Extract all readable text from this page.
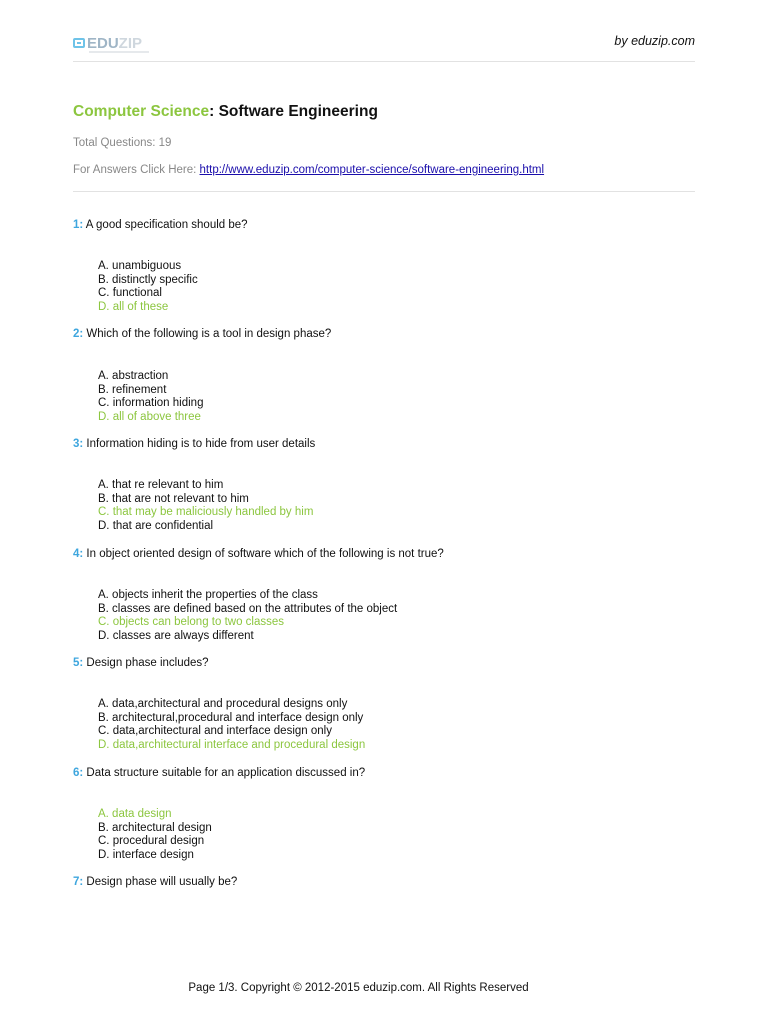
EDUZIP	by eduzip.com
Computer Science: Software Engineering
Total Questions: 19
For Answers Click Here: http://www.eduzip.com/computer-science/software-engineering.html
1: A good specification should be?
A. unambiguous
B. distinctly specific
C. functional
D. all of these
2: Which of the following is a tool in design phase?
A. abstraction
B. refinement
C. information hiding
D. all of above three
3: Information hiding is to hide from user details
A. that re relevant to him
B. that are not relevant to him
C. that may be maliciously handled by him
D. that are confidential
4: In object oriented design of software which of the following is not true?
A. objects inherit the properties of the class
B. classes are defined based on the attributes of the object
C. objects can belong to two classes
D. classes are always different
5: Design phase includes?
A. data,architectural and procedural designs only
B. architectural,procedural and interface design only
C. data,architectural and interface design only
D. data,architectural interface and procedural design
6: Data structure suitable for an application discussed in?
A. data design
B. architectural design
C. procedural design
D. interface design
7: Design phase will usually be?
Page 1/3. Copyright © 2012-2015 eduzip.com. All Rights Reserved
